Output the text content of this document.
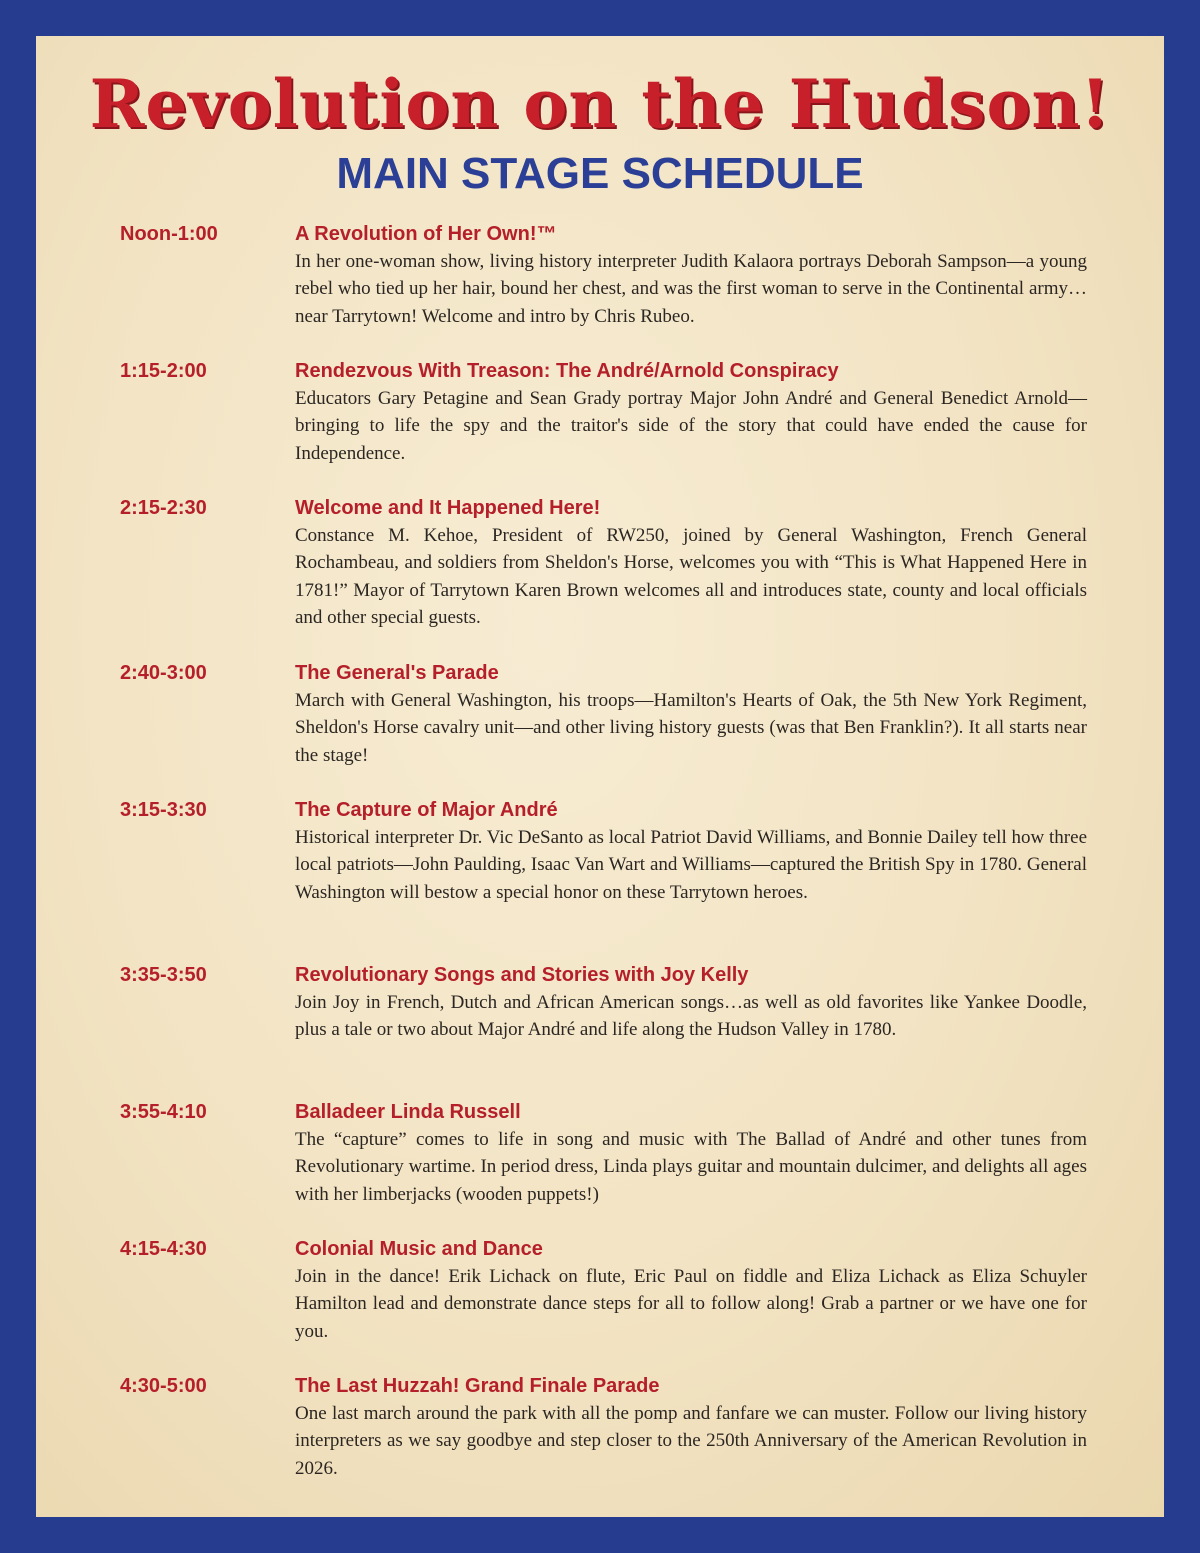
Revolution on the Hudson!
MAIN STAGE SCHEDULE
Noon-1:00	A Revolution of Her Own!™
In her one-woman show, living history interpreter Judith Kalaora portrays Deborah Sampson—a young rebel who tied up her hair, bound her chest, and was the first woman to serve in the Continental army…near Tarrytown! Welcome and intro by Chris Rubeo.
1:15-2:00	Rendezvous With Treason: The André/Arnold Conspiracy
Educators Gary Petagine and Sean Grady portray Major John André and General Benedict Arnold—bringing to life the spy and the traitor's side of the story that could have ended the cause for Independence.
2:15-2:30	Welcome and It Happened Here!
Constance M. Kehoe, President of RW250, joined by General Washington, French General Rochambeau, and soldiers from Sheldon's Horse, welcomes you with “This is What Happened Here in 1781!” Mayor of Tarrytown Karen Brown welcomes all and introduces state, county and local officials and other special guests.
2:40-3:00	The General's Parade
March with General Washington, his troops—Hamilton's Hearts of Oak, the 5th New York Regiment, Sheldon's Horse cavalry unit—and other living history guests (was that Ben Franklin?). It all starts near the stage!
3:15-3:30	The Capture of Major André
Historical interpreter Dr. Vic DeSanto as local Patriot David Williams, and Bonnie Dailey tell how three local patriots—John Paulding, Isaac Van Wart and Williams—captured the British Spy in 1780. General Washington will bestow a special honor on these Tarrytown heroes.
3:35-3:50	Revolutionary Songs and Stories with Joy Kelly
Join Joy in French, Dutch and African American songs…as well as old favorites like Yankee Doodle, plus a tale or two about Major André and life along the Hudson Valley in 1780.
3:55-4:10	Balladeer Linda Russell
The “capture” comes to life in song and music with The Ballad of André and other tunes from Revolutionary wartime. In period dress, Linda plays guitar and mountain dulcimer, and delights all ages with her limberjacks (wooden puppets!)
4:15-4:30	Colonial Music and Dance
Join in the dance! Erik Lichack on flute, Eric Paul on fiddle and Eliza Lichack as Eliza Schuyler Hamilton lead and demonstrate dance steps for all to follow along! Grab a partner or we have one for you.
4:30-5:00	The Last Huzzah! Grand Finale Parade
One last march around the park with all the pomp and fanfare we can muster. Follow our living history interpreters as we say goodbye and step closer to the 250th Anniversary of the American Revolution in 2026.
